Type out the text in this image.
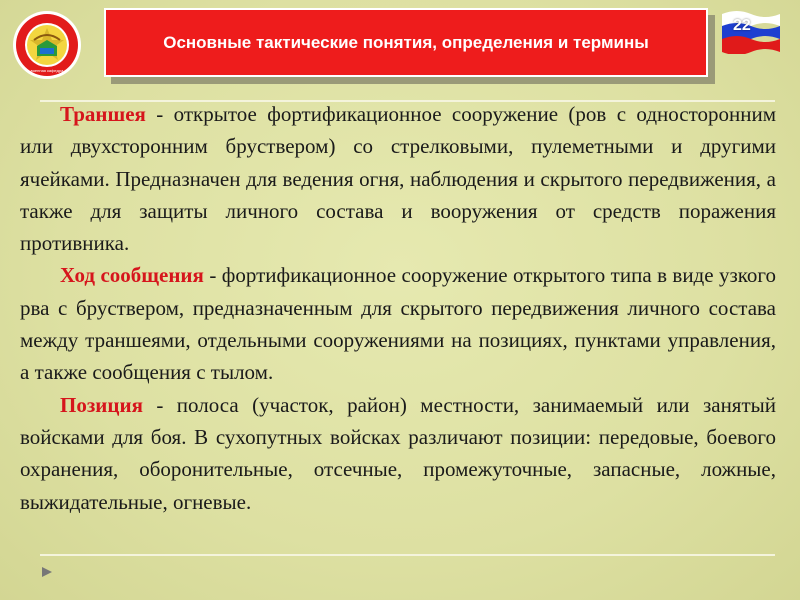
военная кафедра
Основные тактические понятия, определения и термины
22

Траншея - открытое фортификационное сооружение (ров с односторонним или двухсторонним бруствером) со стрелковыми, пулеметными и другими ячейками. Предназначен для ведения огня, наблюдения и скрытого передвижения, а также для защиты личного состава и вооружения от средств поражения противника.

Ход сообщения - фортификационное сооружение открытого типа в виде узкого рва с бруствером, предназначенным для скрытого передвижения личного состава между траншеями, отдельными сооружениями на позициях, пунктами управления, а также сообщения с тылом.

Позиция - полоса (участок, район) местности, занимаемый или занятый войсками для боя. В сухопутных войсках различают позиции: передовые, боевого охранения, оборонительные, отсечные, промежуточные, запасные, ложные, выжидательные, огневые.
